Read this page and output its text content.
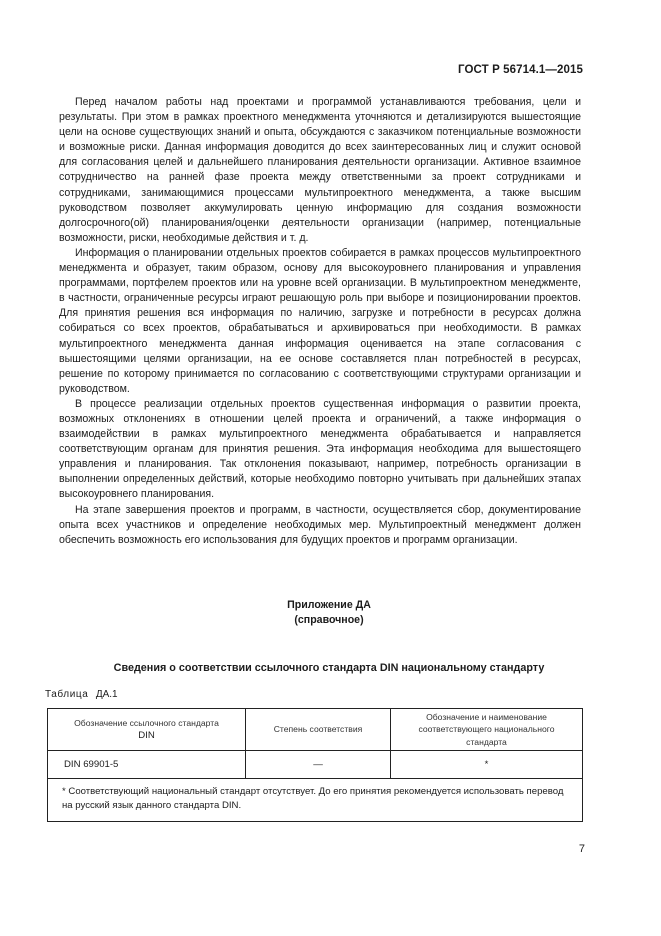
ГОСТ Р 56714.1—2015

Перед началом работы над проектами и программой устанавливаются требования, цели и результаты. При этом в рамках проектного менеджмента уточняются и детализируются вышестоящие цели на основе существующих знаний и опыта, обсуждаются с заказчиком потенциальные возможности и возможные риски. Данная информация доводится до всех заинтересованных лиц и служит основой для согласования целей и дальнейшего планирования деятельности организации. Активное взаимное сотрудничество на ранней фазе проекта между ответственными за проект сотрудниками и сотрудниками, занимающимися процессами мультипроектного менеджмента, а также высшим руководством позволяет аккумулировать ценную информацию для создания возможности долгосрочного(ой) планирования/оценки деятельности организации (например, потенциальные возможности, риски, необходимые действия и т. д.

Информация о планировании отдельных проектов собирается в рамках процессов мультипроектного менеджмента и образует, таким образом, основу для высокоуровнего планирования и управления программами, портфелем проектов или на уровне всей организации. В мультипроектном менеджменте, в частности, ограниченные ресурсы играют решающую роль при выборе и позиционировании проектов. Для принятия решения вся информация по наличию, загрузке и потребности в ресурсах должна собираться со всех проектов, обрабатываться и архивироваться при необходимости. В рамках мультипроектного менеджмента данная информация оценивается на этапе согласования с вышестоящими целями организации, на ее основе составляется план потребностей в ресурсах, решение по которому принимается по согласованию с соответствующими структурами организации и руководством.

В процессе реализации отдельных проектов существенная информация о развитии проекта, возможных отклонениях в отношении целей проекта и ограничений, а также информация о взаимодействии в рамках мультипроектного менеджмента обрабатывается и направляется соответствующим органам для принятия решения. Эта информация необходима для вышестоящего управления и планирования. Так отклонения показывают, например, потребность организации в выполнении определенных действий, которые необходимо повторно учитывать при дальнейших этапах высокоуровнего планирования.

На этапе завершения проектов и программ, в частности, осуществляется сбор, документирование опыта всех участников и определение необходимых мер. Мультипроектный менеджмент должен обеспечить возможность его использования для будущих проектов и программ организации.

Приложение ДА
(справочное)
Сведения о соответствии ссылочного стандарта DIN национальному стандарту
Таблица ДА.1
Обозначение ссылочного стандарта
DIN	Степень соответствия	Обозначение и наименование соответствующего национального стандарта
DIN 69901-5	—	*
* Соответствующий национальный стандарт отсутствует. До его принятия рекомендуется использовать перевод на русский язык данного стандарта DIN.		
7
